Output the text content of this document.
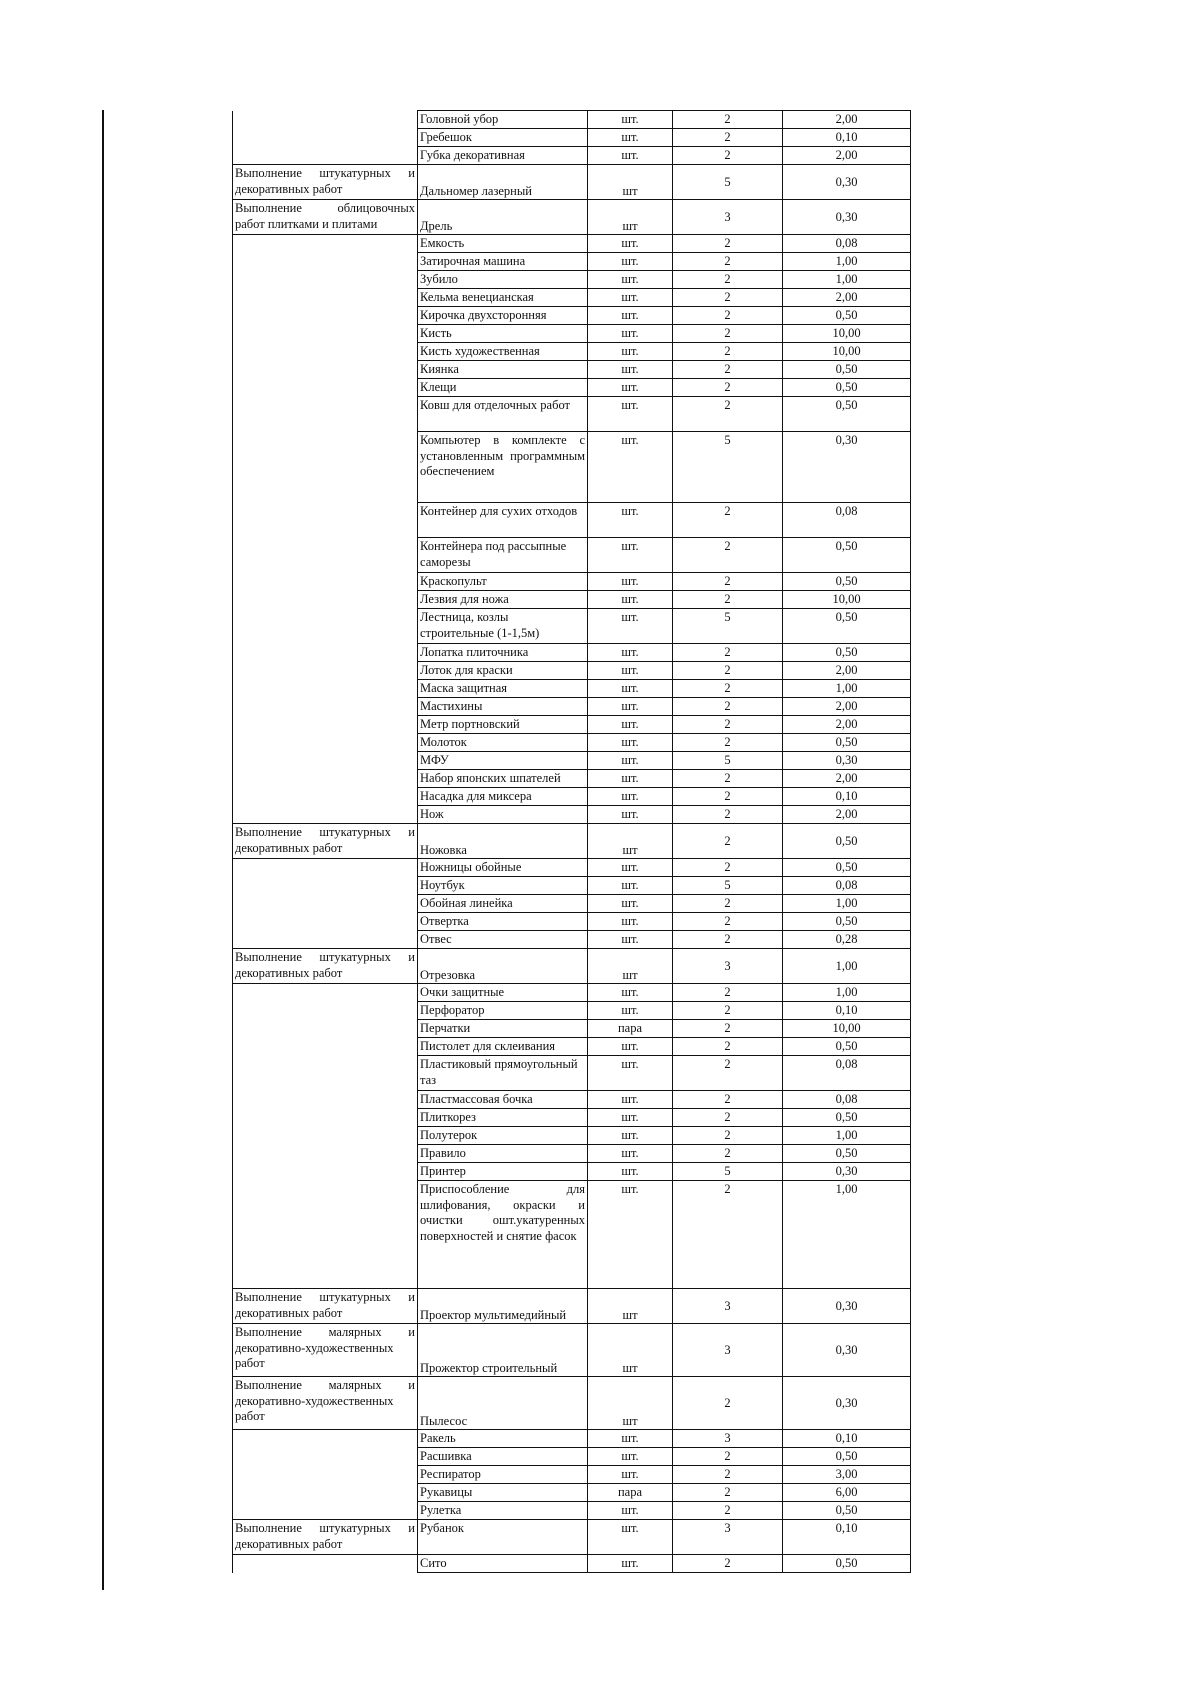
	Головной убор	шт.	2	2,00
	Гребешок	шт.	2	0,10
	Губка декоративная	шт.	2	2,00
Выполнение штукатурных и декоративных работ	Дальномер лазерный	шт	5	0,30
Выполнение облицовочных работ плитками и плитами	Дрель	шт	3	0,30
	Емкость	шт.	2	0,08
	Затирочная машина	шт.	2	1,00
	Зубило	шт.	2	1,00
	Кельма венецианская	шт.	2	2,00
	Кирочка двухсторонняя	шт.	2	0,50
	Кисть	шт.	2	10,00
	Кисть художественная	шт.	2	10,00
	Киянка	шт.	2	0,50
	Клещи	шт.	2	0,50
	Ковш для отделочных работ	шт.	2	0,50
	Компьютер в комплекте с установленным программным обеспечением	шт.	5	0,30
	Контейнер для сухих отходов	шт.	2	0,08
	Контейнера под рассыпные саморезы	шт.	2	0,50
	Краскопульт	шт.	2	0,50
	Лезвия для ножа	шт.	2	10,00
	Лестница, козлы строительные (1-1,5м)	шт.	5	0,50
	Лопатка плиточника	шт.	2	0,50
	Лоток для краски	шт.	2	2,00
	Маска защитная	шт.	2	1,00
	Мастихины	шт.	2	2,00
	Метр портновский	шт.	2	2,00
	Молоток	шт.	2	0,50
	МФУ	шт.	5	0,30
	Набор японских шпателей	шт.	2	2,00
	Насадка для миксера	шт.	2	0,10
	Нож	шт.	2	2,00
Выполнение штукатурных и декоративных работ	Ножовка	шт	2	0,50
	Ножницы обойные	шт.	2	0,50
	Ноутбук	шт.	5	0,08
	Обойная линейка	шт.	2	1,00
	Отвертка	шт.	2	0,50
	Отвес	шт.	2	0,28
Выполнение штукатурных и декоративных работ	Отрезовка	шт	3	1,00
	Очки защитные	шт.	2	1,00
	Перфоратор	шт.	2	0,10
	Перчатки	пара	2	10,00
	Пистолет для склеивания	шт.	2	0,50
	Пластиковый прямоугольный таз	шт.	2	0,08
	Пластмассовая бочка	шт.	2	0,08
	Плиткорез	шт.	2	0,50
	Полутерок	шт.	2	1,00
	Правило	шт.	2	0,50
	Принтер	шт.	5	0,30
	Приспособление для шлифования, окраски и очистки ошт.укатуренных поверхностей и снятие фасок	шт.	2	1,00
Выполнение штукатурных и декоративных работ	Проектор мультимедийный	шт	3	0,30
Выполнение малярных и декоративно-художественных работ	Прожектор строительный	шт	3	0,30
Выполнение малярных и декоративно-художественных работ	Пылесос	шт	2	0,30
	Ракель	шт.	3	0,10
	Расшивка	шт.	2	0,50
	Респиратор	шт.	2	3,00
	Рукавицы	пара	2	6,00
	Рулетка	шт.	2	0,50
Выполнение штукатурных и декоративных работ	Рубанок	шт.	3	0,10
	Сито	шт.	2	0,50
